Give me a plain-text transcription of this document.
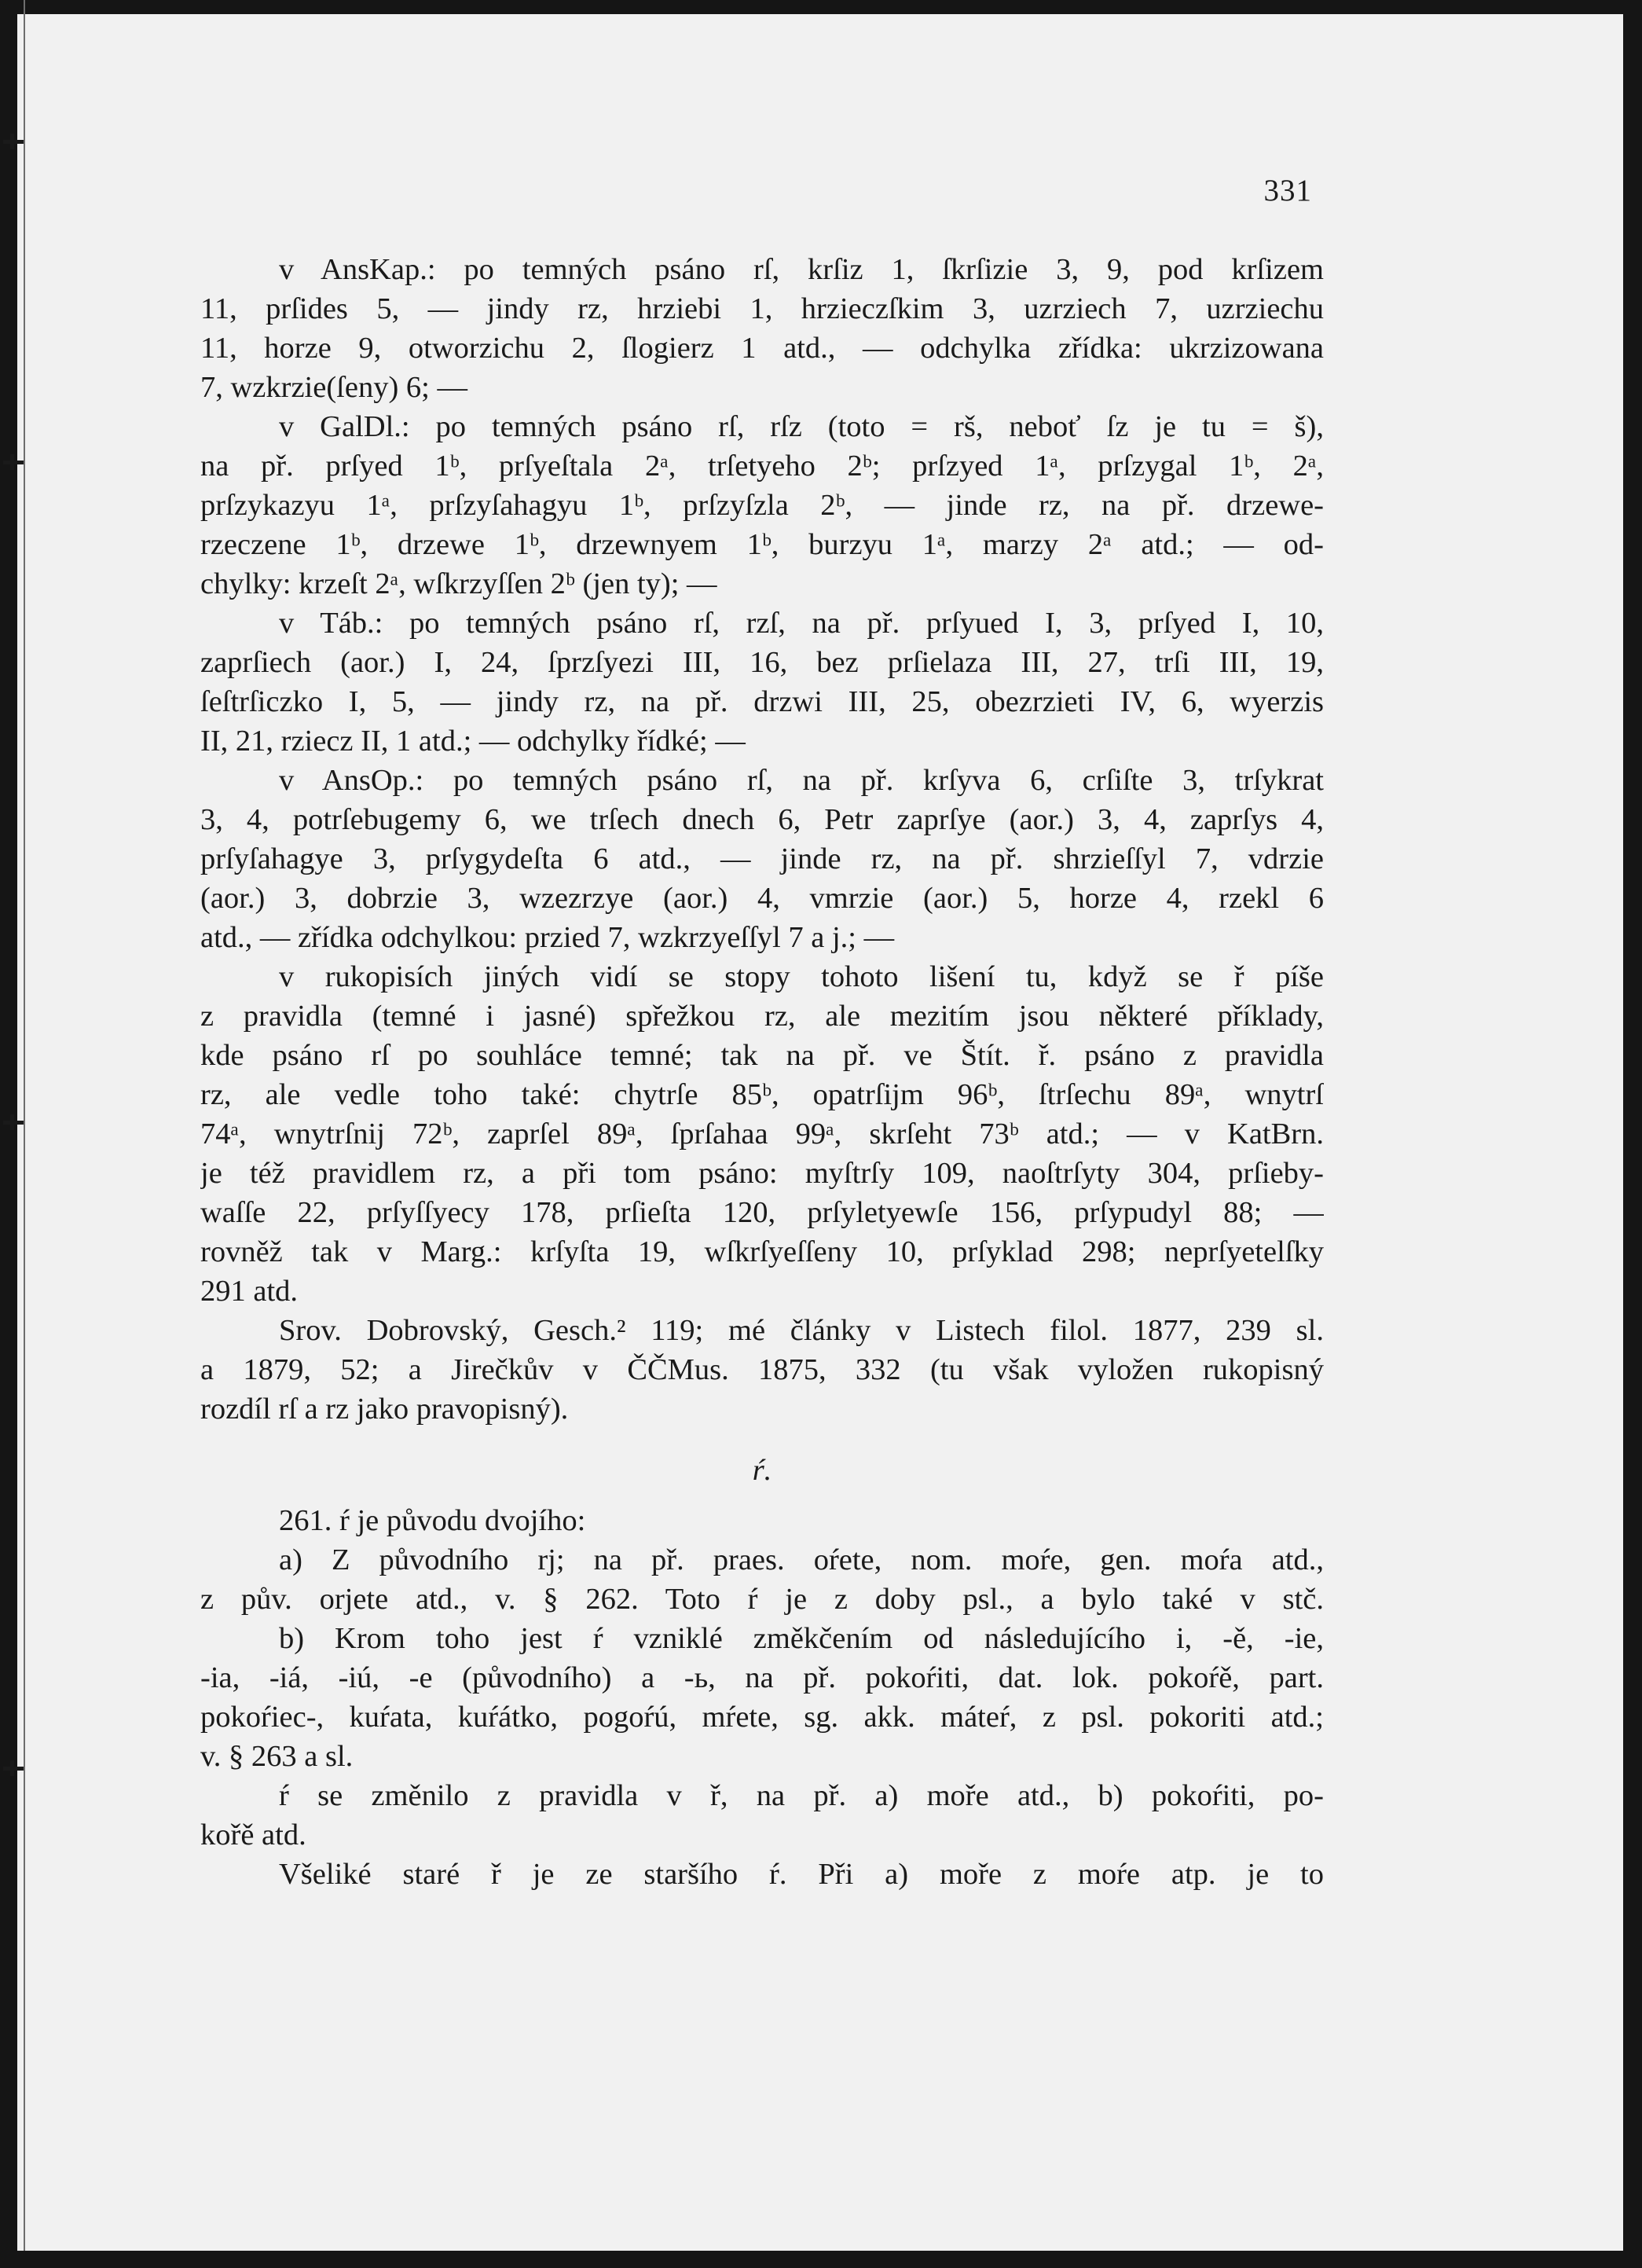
331
v AnsKap.: po temných psáno rſ, krſiz 1, ſkrſizie 3, 9, pod krſizem
11, prſides 5, — jindy rz, hrziebi 1, hrzieczſkim 3, uzrziech 7, uzrziechu
11, horze 9, otworzichu 2, ſlogierz 1 atd., — odchylka zřídka: ukrzizowana
7, wzkrzie(ſeny) 6; —
v GalDl.: po temných psáno rſ, rſz (toto = rš, neboť ſz je tu = š),
na př. prſyed 1ᵇ, prſyeſtala 2ᵃ, trſetyeho 2ᵇ; prſzyed 1ᵃ, prſzygal 1ᵇ, 2ᵃ,
prſzykazyu 1ᵃ, prſzyſahagyu 1ᵇ, prſzyſzla 2ᵇ, — jinde rz, na př. drzewe-
rzeczene 1ᵇ, drzewe 1ᵇ, drzewnyem 1ᵇ, burzyu 1ᵃ, marzy 2ᵃ atd.; — od-
chylky: krzeſt 2ᵃ, wſkrzyſſen 2ᵇ (jen ty); —
v Táb.: po temných psáno rſ, rzſ, na př. prſyued I, 3, prſyed I, 10,
zaprſiech (aor.) I, 24, ſprzſyezi III, 16, bez prſielaza III, 27, trſi III, 19,
ſeſtrſiczko I, 5, — jindy rz, na př. drzwi III, 25, obezrzieti IV, 6, wyerzis
II, 21, rziecz II, 1 atd.; — odchylky řídké; —
v AnsOp.: po temných psáno rſ, na př. krſyva 6, crſiſte 3, trſykrat
3, 4, potrſebugemy 6, we trſech dnech 6, Petr zaprſye (aor.) 3, 4, zaprſys 4,
prſyſahagye 3, prſygydeſta 6 atd., — jinde rz, na př. shrzieſſyl 7, vdrzie
(aor.) 3, dobrzie 3, wzezrzye (aor.) 4, vmrzie (aor.) 5, horze 4, rzekl 6
atd., — zřídka odchylkou: przied 7, wzkrzyeſſyl 7 a j.; —
v rukopisích jiných vidí se stopy tohoto lišení tu, když se ř píše
z pravidla (temné i jasné) spřežkou rz, ale mezitím jsou některé příklady,
kde psáno rſ po souhláce temné; tak na př. ve Štít. ř. psáno z pravidla
rz, ale vedle toho také: chytrſe 85ᵇ, opatrſijm 96ᵇ, ſtrſechu 89ᵃ, wnytrſ
74ᵃ, wnytrſnij 72ᵇ, zaprſel 89ᵃ, ſprſahaa 99ᵃ, skrſeht 73ᵇ atd.; — v KatBrn.
je též pravidlem rz, a při tom psáno: myſtrſy 109, naoſtrſyty 304, prſieby-
waſſe 22, prſyſſyecy 178, prſieſta 120, prſyletyewſe 156, prſypudyl 88; —
rovněž tak v Marg.: krſyſta 19, wſkrſyeſſeny 10, prſyklad 298; neprſyetelſky
291 atd.
Srov. Dobrovský, Gesch.² 119; mé články v Listech filol. 1877, 239 sl.
a 1879, 52; a Jirečkův v ČČMus. 1875, 332 (tu však vyložen rukopisný
rozdíl rſ a rz jako pravopisný).
ŕ.
261. ŕ je původu dvojího:
a) Z původního rj; na př. praes. oŕete, nom. moŕe, gen. moŕa atd.,
z pův. orjete atd., v. § 262. Toto ŕ je z doby psl., a bylo také v stč.
b) Krom toho jest ŕ vzniklé změkčením od následujícího i, -ě, -ie,
-ia, -iá, -iú, -e (původního) a -ь, na př. pokoŕiti, dat. lok. pokoŕě, part.
pokoŕiec-, kuŕata, kuŕátko, pogoŕú, mŕete, sg. akk. mátеŕ, z psl. pokoriti atd.;
v. § 263 a sl.
ŕ se změnilo z pravidla v ř, na př. a) moře atd., b) pokoŕiti, po-
kořě atd.
Všeliké staré ř je ze staršího ŕ. Při a) moře z moŕe atp. je to
